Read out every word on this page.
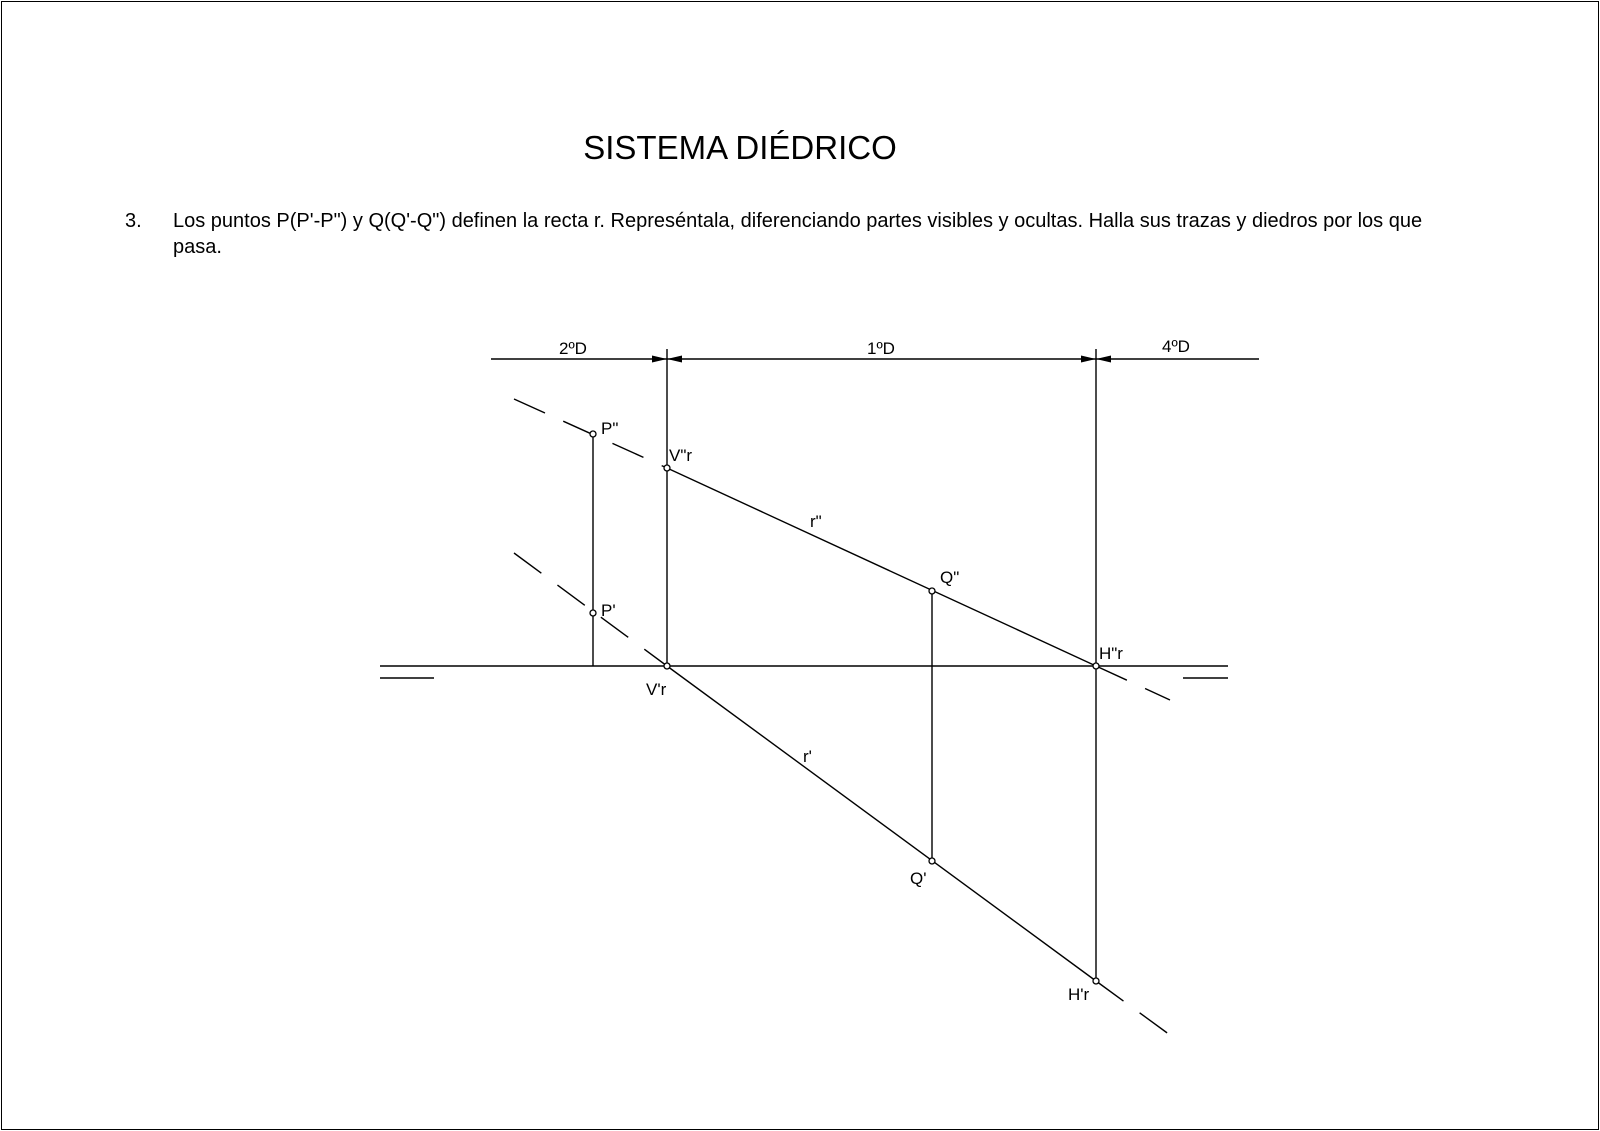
SISTEMA DIÉDRICO
3. Los puntos P(P'-P") y Q(Q'-Q") definen la recta r. Represéntala, diferenciando partes visibles y ocultas. Halla sus trazas y diedros por los que pasa.
2ºD	1ºD	4ºD
r"
r'
P"
P'
V"r
V'r
Q"
Q'
H"r
H'r
